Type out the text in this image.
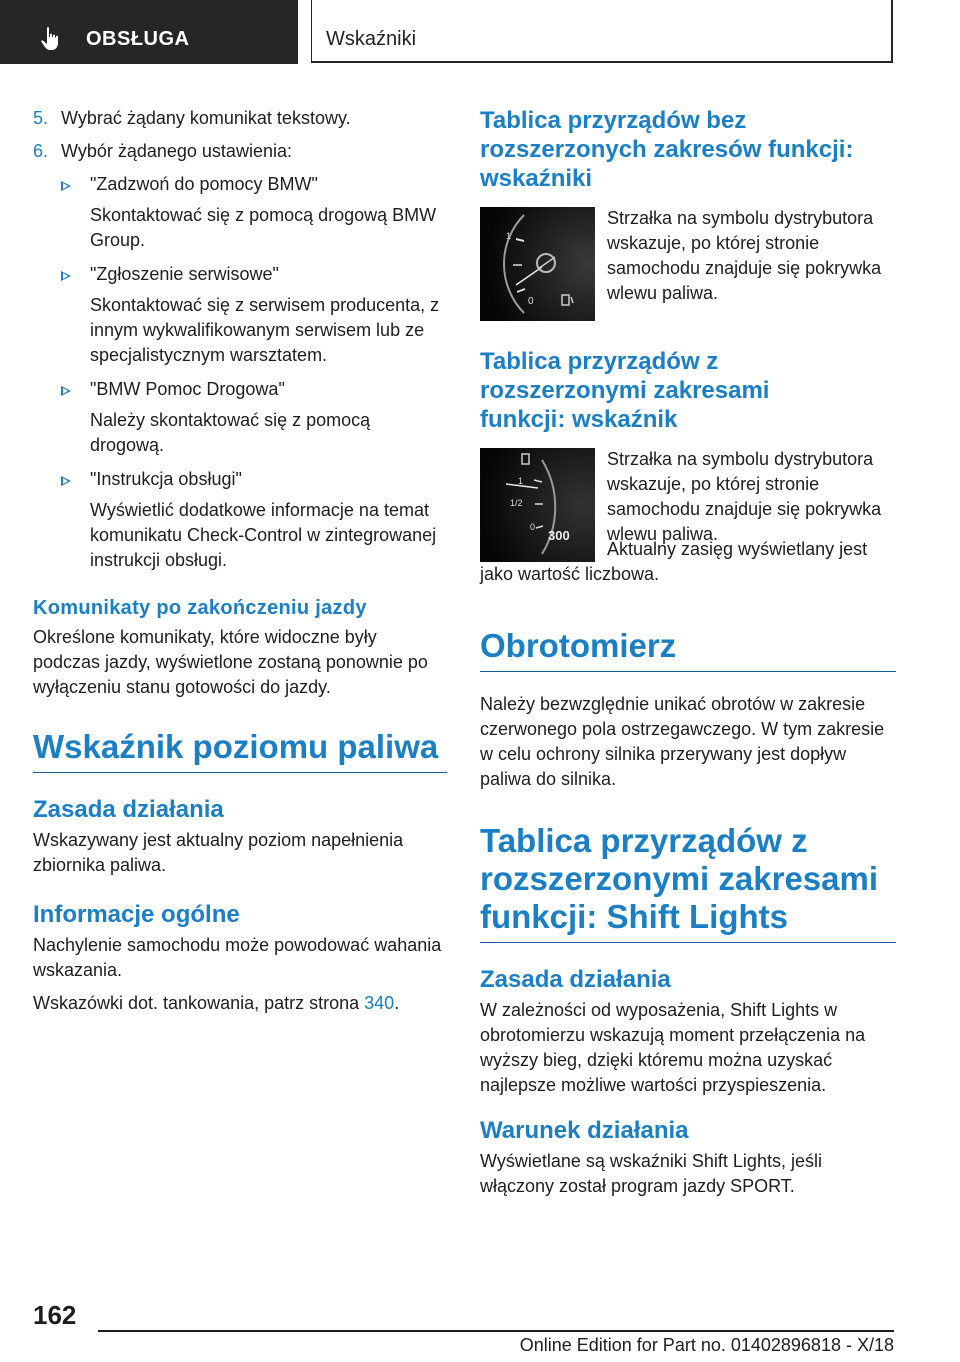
OBSŁUGA	Wskaźniki
5. Wybrać żądany komunikat tekstowy.
6. Wybór żądanego ustawienia:
"Zadzwoń do pomocy BMW"
Skontaktować się z pomocą drogową BMW Group.
"Zgłoszenie serwisowe"
Skontaktować się z serwisem producenta, z innym wykwalifikowanym serwisem lub ze specjalistycznym warsztatem.
"BMW Pomoc Drogowa"
Należy skontaktować się z pomocą drogową.
"Instrukcja obsługi"
Wyświetlić dodatkowe informacje na temat komunikatu Check-Control w zintegrowanej instrukcji obsługi.
Komunikaty po zakończeniu jazdy

Określone komunikaty, które widoczne były podczas jazdy, wyświetlone zostaną ponownie po wyłączeniu stanu gotowości do jazdy.

Wskaźnik poziomu paliwa
Zasada działania

Wskazywany jest aktualny poziom napełnienia zbiornika paliwa.

Informacje ogólne

Nachylenie samochodu może powodować wahania wskazania.

Wskazówki dot. tankowania, patrz strona 340.

Tablica przyrządów bez rozszerzonych zakresów funkcji: wskaźniki
1
0

Strzałka na symbolu dystrybutora wskazuje, po której stronie samochodu znajduje się pokrywka wlewu paliwa.

Tablica przyrządów z rozszerzonymi zakresami funkcji: wskaźnik
1
1/2
0
300

Strzałka na symbolu dystrybutora wskazuje, po której stronie samochodu znajduje się pokrywka wlewu paliwa.

Aktualny zasięg wyświetlany jest jako wartość liczbowa.

Obrotomierz

Należy bezwzględnie unikać obrotów w zakresie czerwonego pola ostrzegawczego. W tym zakresie w celu ochrony silnika przerywany jest dopływ paliwa do silnika.

Tablica przyrządów z rozszerzonymi zakresami funkcji: Shift Lights
Zasada działania

W zależności od wyposażenia, Shift Lights w obrotomierzu wskazują moment przełączenia na wyższy bieg, dzięki któremu można uzyskać najlepsze możliwe wartości przyspieszenia.

Warunek działania

Wyświetlane są wskaźniki Shift Lights, jeśli włączony został program jazdy SPORT.

162
Online Edition for Part no. 01402896818 - X/18
